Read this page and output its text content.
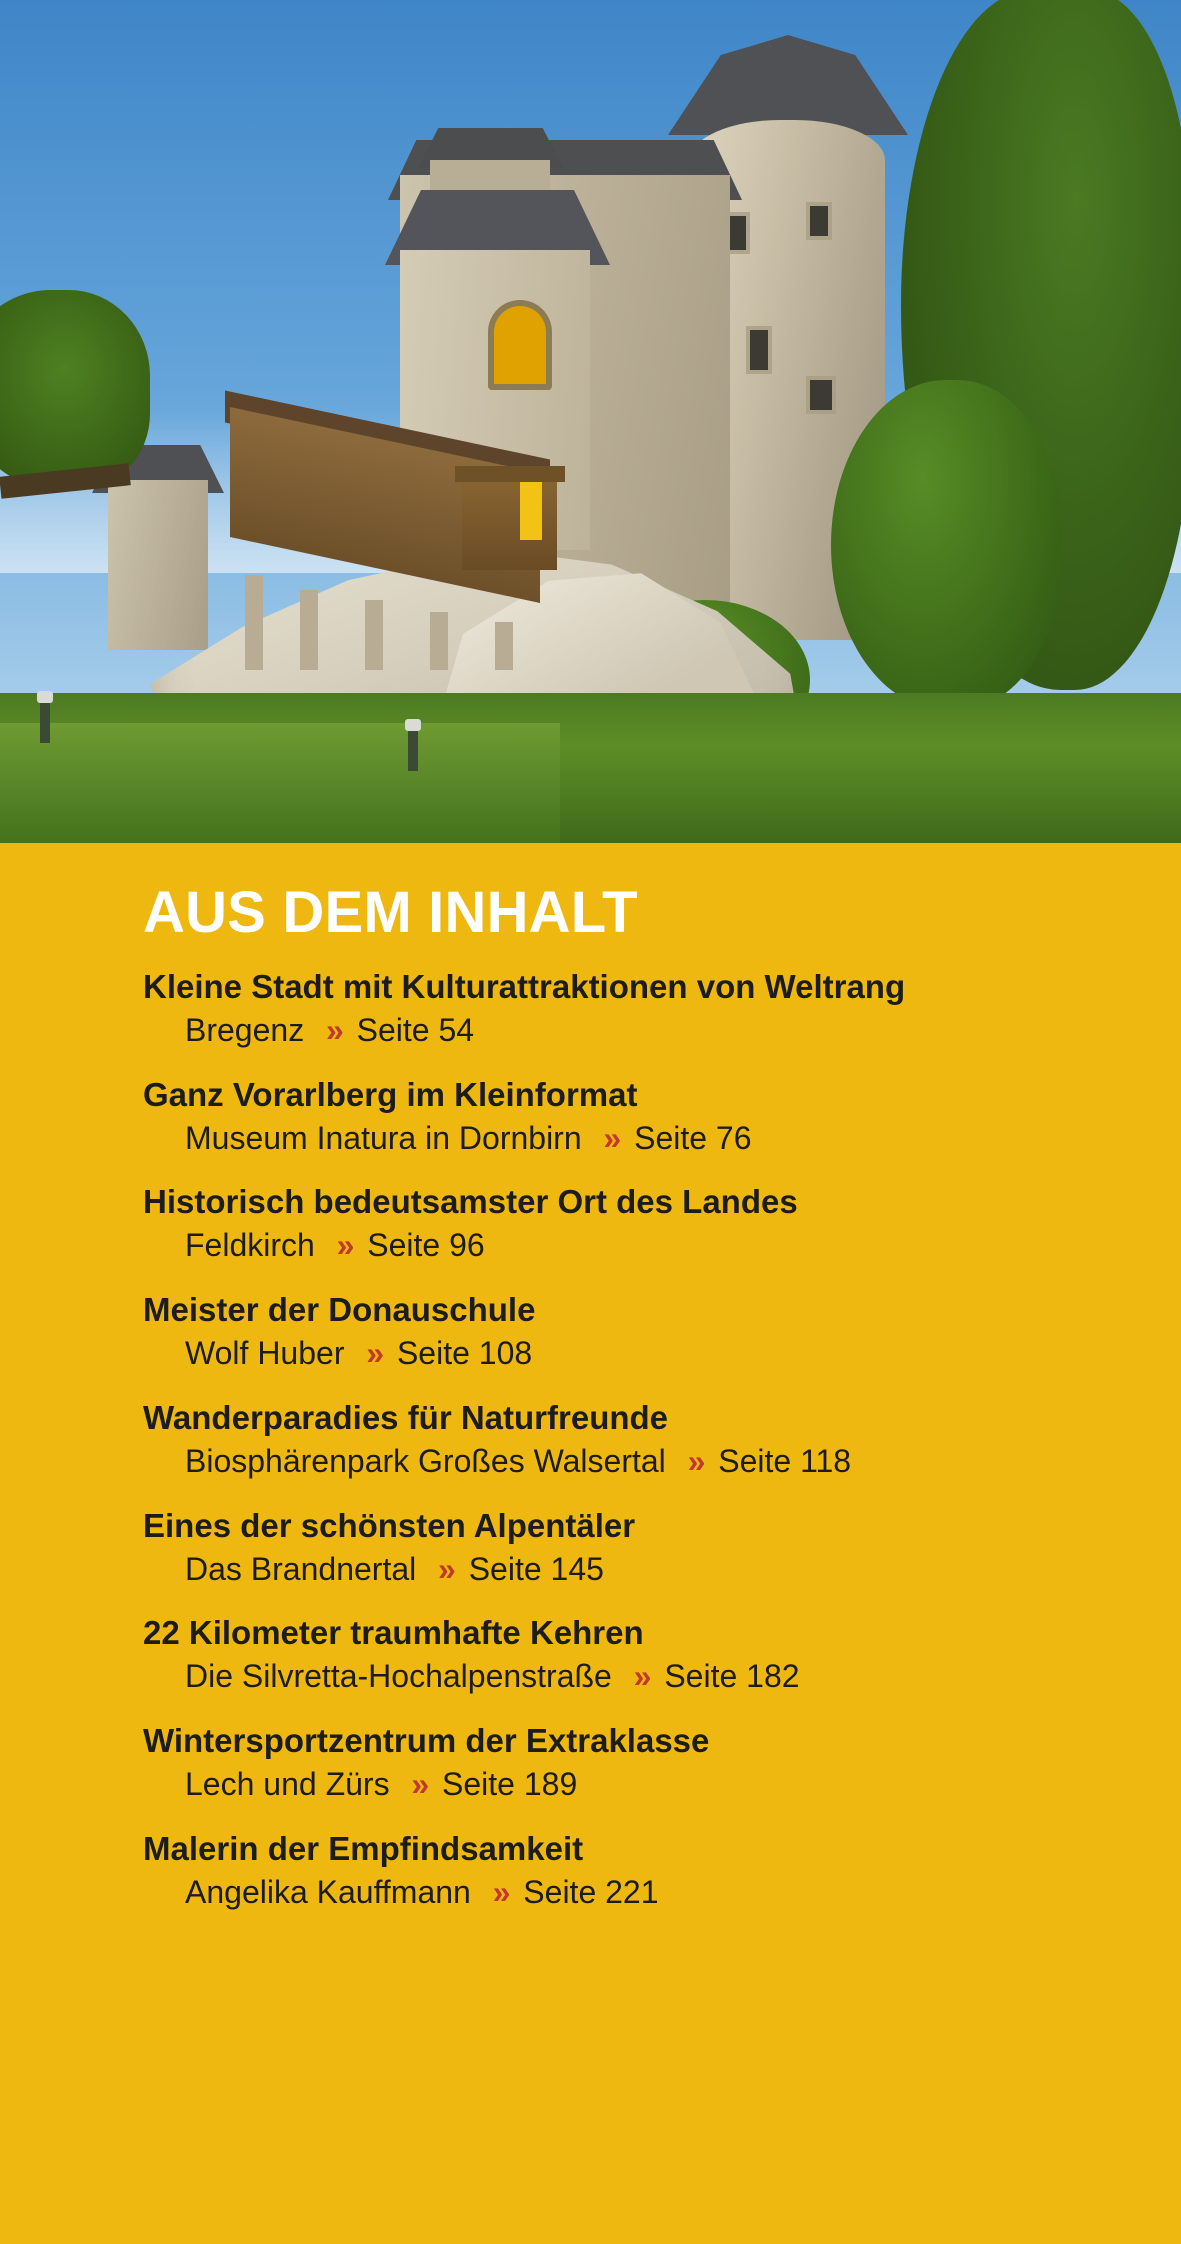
AUS DEM INHALT
Kleine Stadt mit Kulturattraktionen von Weltrang
Bregenz » Seite 54
Ganz Vorarlberg im Kleinformat
Museum Inatura in Dornbirn » Seite 76
Historisch bedeutsamster Ort des Landes
Feldkirch » Seite 96
Meister der Donauschule
Wolf Huber » Seite 108
Wanderparadies für Naturfreunde
Biosphärenpark Großes Walsertal » Seite 118
Eines der schönsten Alpentäler
Das Brandnertal » Seite 145
22 Kilometer traumhafte Kehren
Die Silvretta-Hochalpenstraße » Seite 182
Wintersportzentrum der Extraklasse
Lech und Zürs » Seite 189
Malerin der Empfindsamkeit
Angelika Kauffmann » Seite 221
